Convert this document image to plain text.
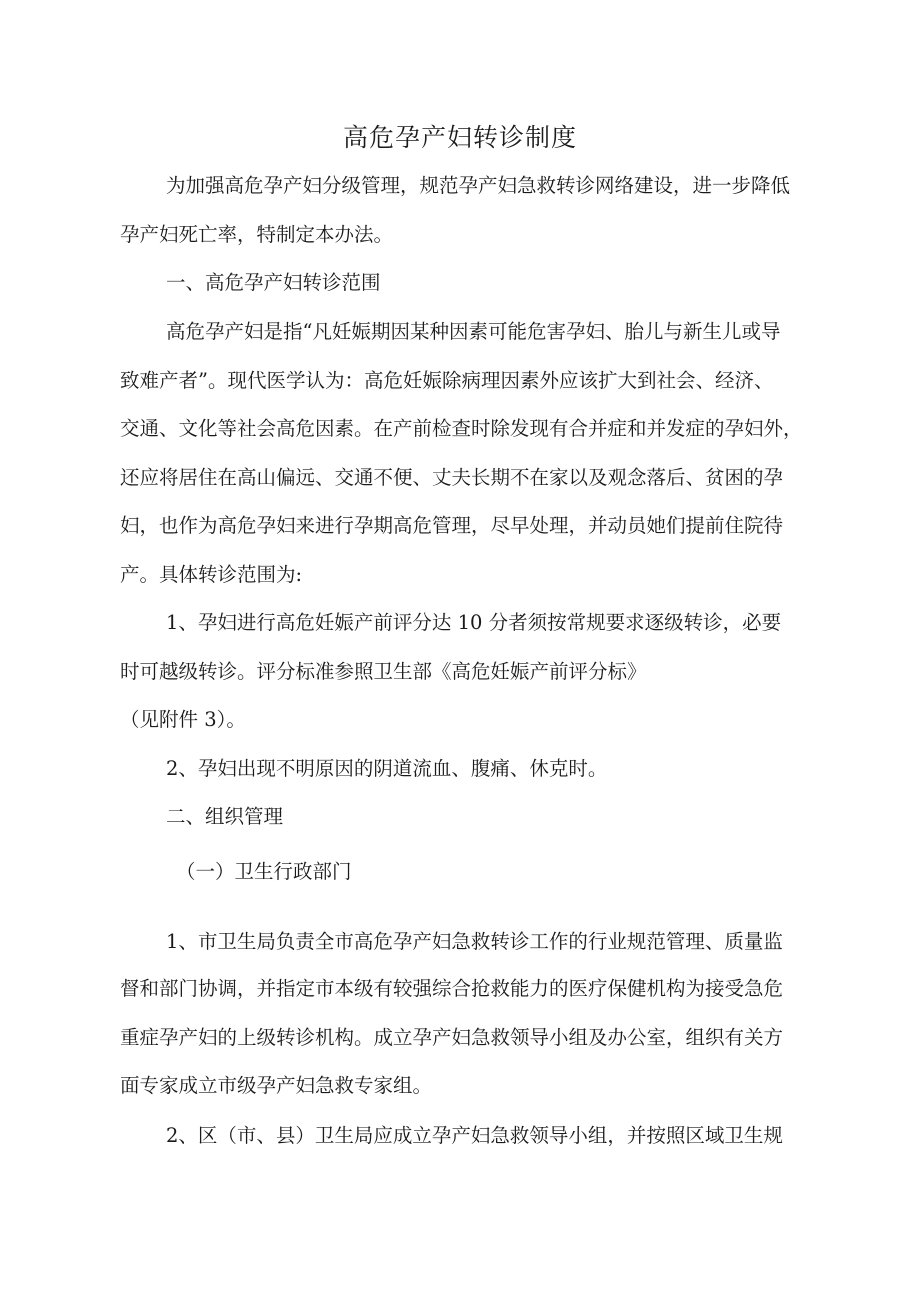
高危孕产妇转诊制度

为加强高危孕产妇分级管理，规范孕产妇急救转诊网络建设，进一步降低

孕产妇死亡率，特制定本办法。

一、高危孕产妇转诊范围

高危孕产妇是指“凡妊娠期因某种因素可能危害孕妇、胎儿与新生儿或导

致难产者”。现代医学认为：高危妊娠除病理因素外应该扩大到社会、经济、

交通、文化等社会高危因素。在产前检查时除发现有合并症和并发症的孕妇外，

还应将居住在高山偏远、交通不便、丈夫长期不在家以及观念落后、贫困的孕

妇，也作为高危孕妇来进行孕期高危管理，尽早处理，并动员她们提前住院待

产。具体转诊范围为:

1、孕妇进行高危妊娠产前评分达 10 分者须按常规要求逐级转诊，必要

时可越级转诊。评分标准参照卫生部《高危妊娠产前评分标》

（见附件 3）。

2、孕妇出现不明原因的阴道流血、腹痛、休克时。

二、组织管理

（一）卫生行政部门

1、市卫生局负责全市高危孕产妇急救转诊工作的行业规范管理、质量监

督和部门协调，并指定市本级有较强综合抢救能力的医疗保健机构为接受急危

重症孕产妇的上级转诊机构。成立孕产妇急救领导小组及办公室，组织有关方

面专家成立市级孕产妇急救专家组。

2、区（市、县）卫生局应成立孕产妇急救领导小组，并按照区域卫生规
